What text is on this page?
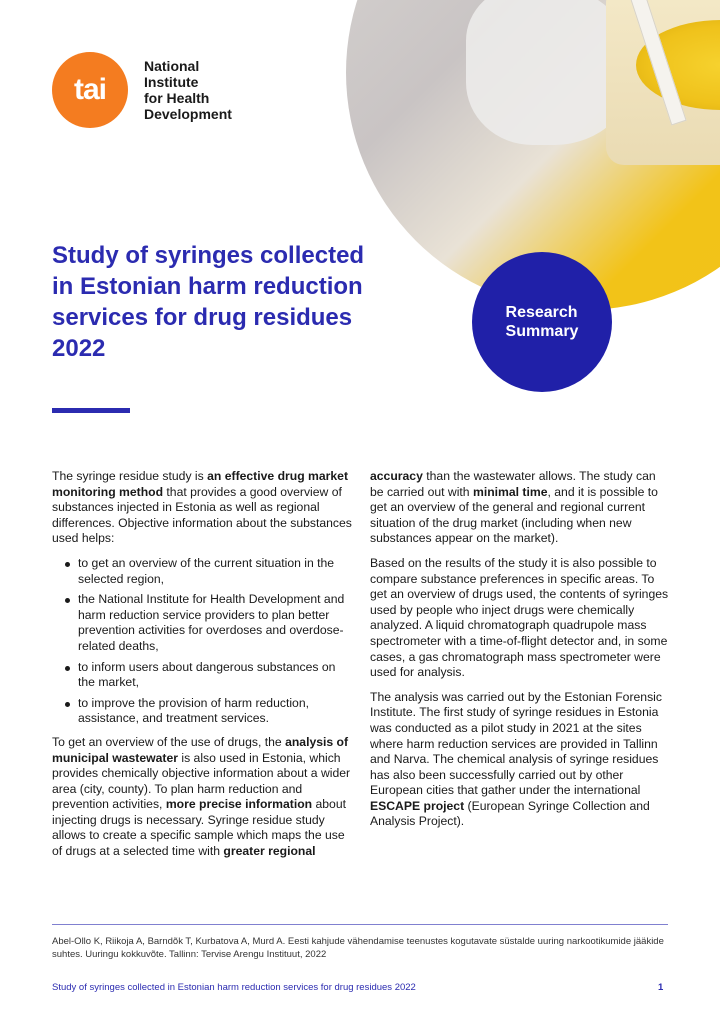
tai
National
Institute
for Health
Development
Study of syringes collected in Estonian harm reduction services for drug residues 2022
Research
Summary

The syringe residue study is an effective drug market monitoring method that provides a good overview of substances injected in Estonia as well as regional differences. Objective information about the substances used helps:

to get an overview of the current situation in the selected region,
the National Institute for Health Development and harm reduction service providers to plan better prevention activities for overdoses and overdose-related deaths,
to inform users about dangerous substances on the market,
to improve the provision of harm reduction, assistance, and treatment services.

To get an overview of the use of drugs, the analysis of municipal wastewater is also used in Estonia, which provides chemically objective information about a wider area (city, county). To plan harm reduction and prevention activities, more precise information about injecting drugs is necessary. Syringe residue study allows to create a specific sample which maps the use of drugs at a selected time with greater regional

accuracy than the wastewater allows. The study can be carried out with minimal time, and it is possible to get an overview of the general and regional current situation of the drug market (including when new substances appear on the market).

Based on the results of the study it is also possible to compare substance preferences in specific areas. To get an overview of drugs used, the contents of syringes used by people who inject drugs were chemically analyzed. A liquid chromatograph quadrupole mass spectrometer with a time-of-flight detector and, in some cases, a gas chromatograph mass spectrometer were used for analysis.

The analysis was carried out by the Estonian Forensic Institute. The first study of syringe residues in Estonia was conducted as a pilot study in 2021 at the sites where harm reduction services are provided in Tallinn and Narva. The chemical analysis of syringe residues has also been successfully carried out by other European cities that gather under the international ESCAPE project (European Syringe Collection and Analysis Project).

Abel-Ollo K, Riikoja A, Barndõk T, Kurbatova A, Murd A. Eesti kahjude vähendamise teenustes kogutavate süstalde uuring narkootikumide jääkide suhtes. Uuringu kokkuvõte. Tallinn: Tervise Arengu Instituut, 2022

Study of syringes collected in Estonian harm reduction services for drug residues 2022	1
